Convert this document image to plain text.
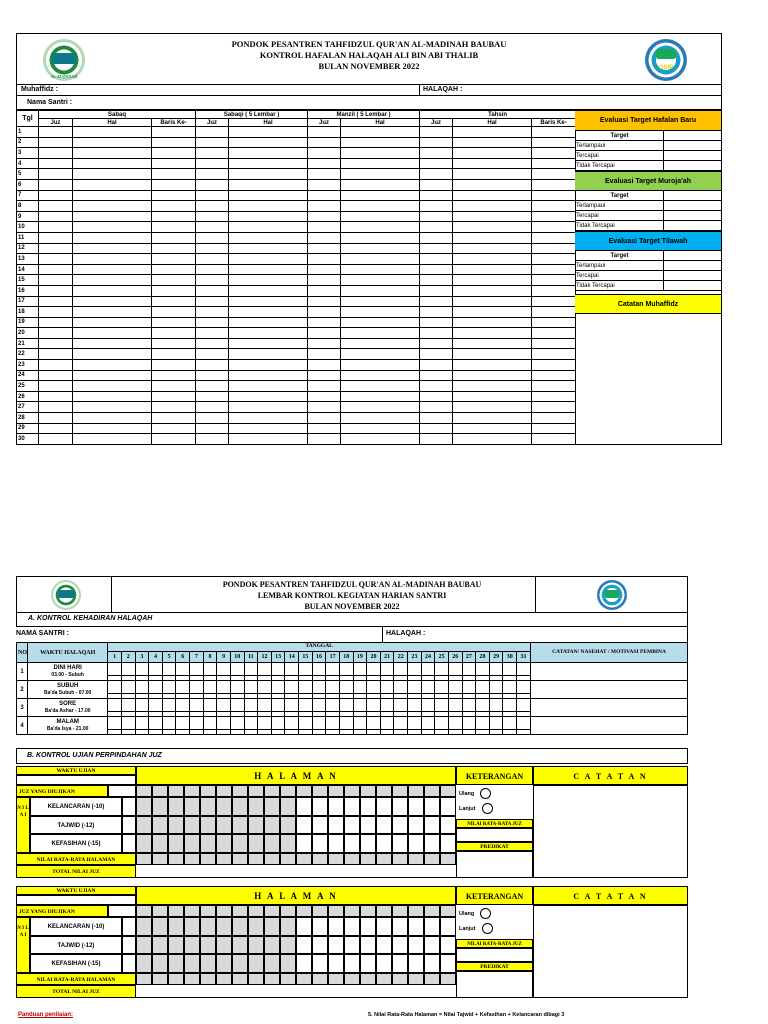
AL-MADINAH
PONDOK PESANTREN TAHFIDZUL QUR'AN AL-MADINAH BAUBAU
KONTROL HAFALAN HALAQAH ALI BIN ABI THALIB
BULAN NOVEMBER 2022	OSIP
Muhaffidz :	HALAQAH :
Nama Santri :
Tgl	Sabaq			Sabaqi ( 5 Lembar )		Manzil ( 5 Lembar )		Tahsin		
	Juz	Hal	Baris Ke-	Juz	Hal	Juz	Hal	Juz	Hal	Baris Ke-
1										
2										
3										
4										
5										
6										
7										
8										
9										
10										
11										
12										
13										
14										
15										
16										
17										
18										
19										
20										
21										
22										
23										
24										
25										
26										
27										
28										
29										
30										
Evaluasi Target Hafalan Baru
Target
Terlampaui
Tercapai
Tidak Tercapai
Evaluasi Target Muroja'ah
Target
Terlampaui
Tercapai
Tidak Tercapai
Evaluasi Target Tilawah
Target
Terlampaui
Tercapai
Tidak Tercapai
Catatan Muhaffidz
PONDOK PESANTREN TAHFIDZUL QUR'AN AL-MADINAH BAUBAU
LEMBAR KONTROL KEGIATAN HARIAN SANTRI
BULAN NOVEMBER 2022
A. KONTROL KEHADIRAN HALAQAH
NAMA SANTRI :	HALAQAH :
NO	WAKTU HALAQAH	TANGGAL																															CATATAN/ NASEHAT / MOTIVASI PEMBINA
		1	2	3	4	5	6	7	8	9	10	11	12	13	14	15	16	17	18	19	20	21	22	23	24	25	26	27	28	29	30	31	
1	DINI HARI
03.00 - Subuh																																

2	SUBUH
Ba'da Subuh - 07.00																																

3	SORE
Ba'da Ashar - 17.00																																

4	MALAM
Ba'da Isya - 21.00																																

B. KONTROL UJIAN PERPINDAHAN JUZ
WAKTU UJIAN	H A L A M A N	KETERANGAN	C A T A T A N
JUZ YANG DIUJIKAN
N I L A I
KELANCARAN (-10)
TAJWID (-12)
KEFASIHAN (-15)
NILAI RATA-RATA HALAMAN
TOTAL NILAI JUZ
Ulang
Lanjut
NILAI RATA-RATA JUZ
PREDIKAT
WAKTU UJIAN	H A L A M A N	KETERANGAN	C A T A T A N
JUZ YANG DIUJIKAN
N I L A I
KELANCARAN (-10)
TAJWID (-12)
KEFASIHAN (-15)
NILAI RATA-RATA HALAMAN
TOTAL NILAI JUZ
Ulang
Lanjut
NILAI RATA-RATA JUZ
PREDIKAT
Panduan penilaian:	5. Nilai Rata-Rata Halaman = Nilai Tajwid + Kefasihan + Kelancaran dibagi 3
